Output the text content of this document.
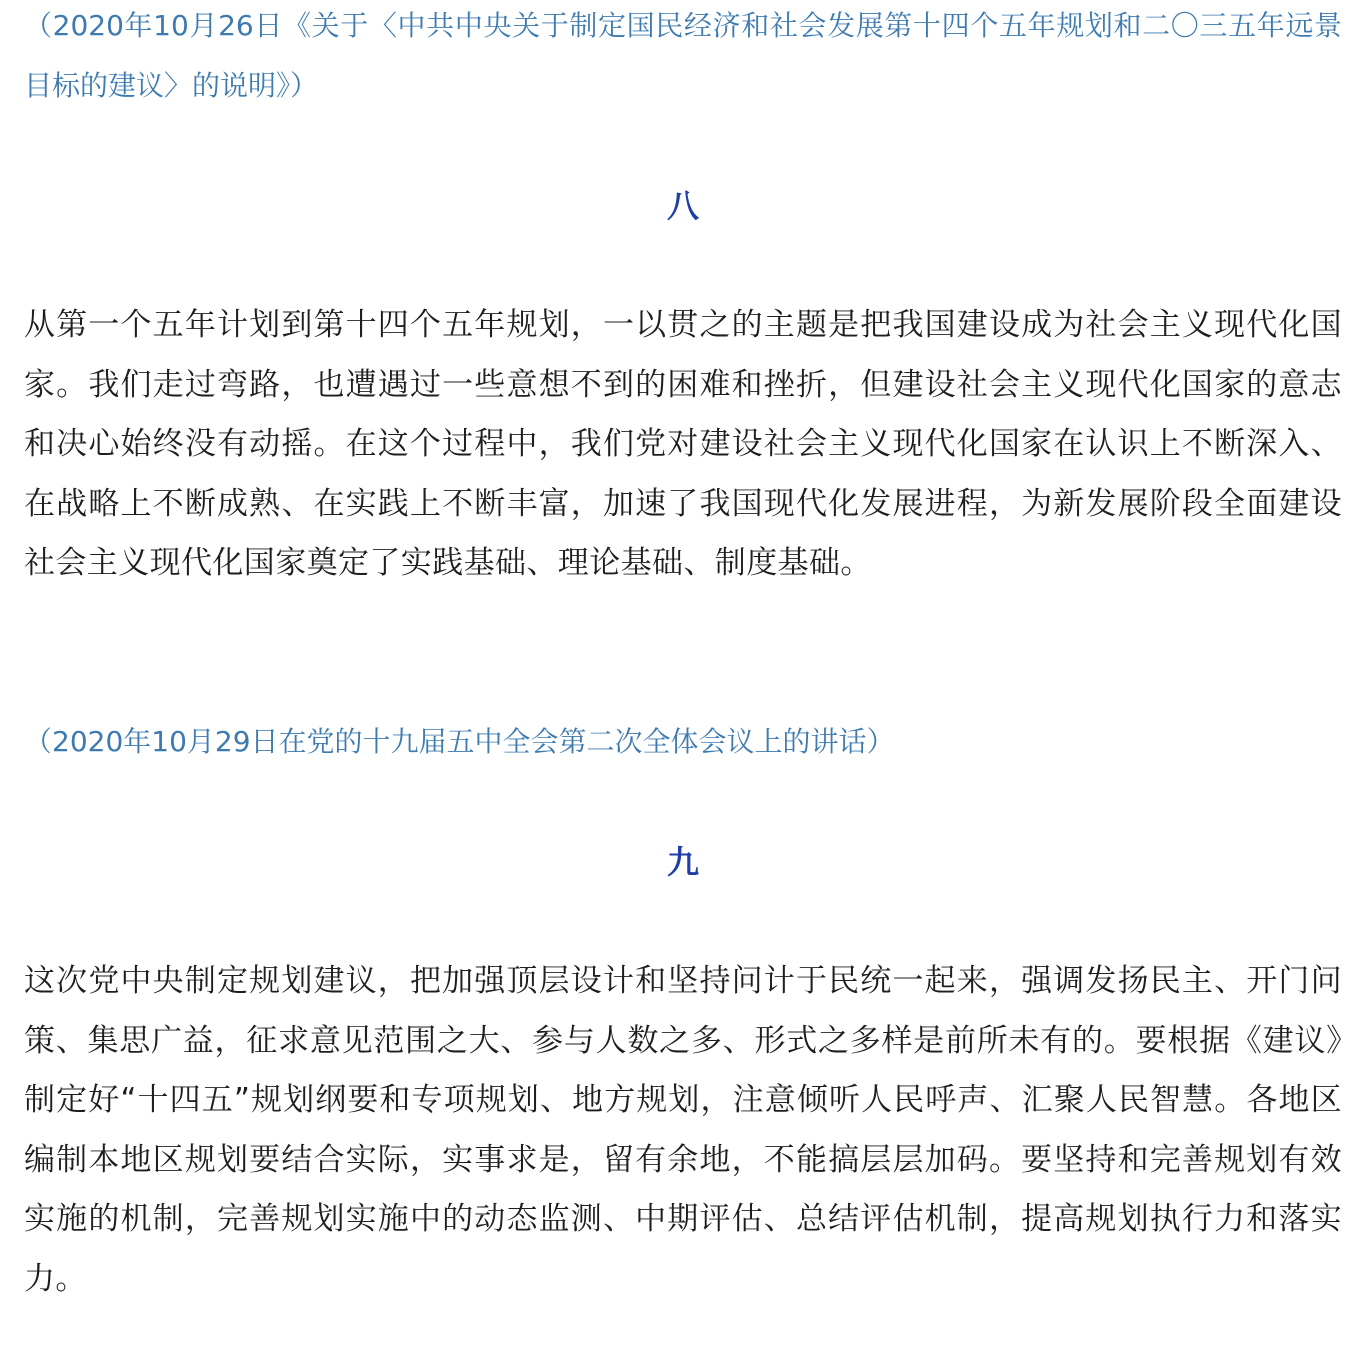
（2020年10月26日《关于〈中共中央关于制定国民经济和社会发展第十四个五年规划和二〇三五年远景目标的建议〉的说明》）

八

从第一个五年计划到第十四个五年规划，一以贯之的主题是把我国建设成为社会主义现代化国家。我们走过弯路，也遭遇过一些意想不到的困难和挫折，但建设社会主义现代化国家的意志和决心始终没有动摇。在这个过程中，我们党对建设社会主义现代化国家在认识上不断深入、在战略上不断成熟、在实践上不断丰富，加速了我国现代化发展进程，为新发展阶段全面建设社会主义现代化国家奠定了实践基础、理论基础、制度基础。

（2020年10月29日在党的十九届五中全会第二次全体会议上的讲话）

九

这次党中央制定规划建议，把加强顶层设计和坚持问计于民统一起来，强调发扬民主、开门问策、集思广益，征求意见范围之大、参与人数之多、形式之多样是前所未有的。要根据《建议》制定好“十四五”规划纲要和专项规划、地方规划，注意倾听人民呼声、汇聚人民智慧。各地区编制本地区规划要结合实际，实事求是，留有余地，不能搞层层加码。要坚持和完善规划有效实施的机制，完善规划实施中的动态监测、中期评估、总结评估机制，提高规划执行力和落实力。
